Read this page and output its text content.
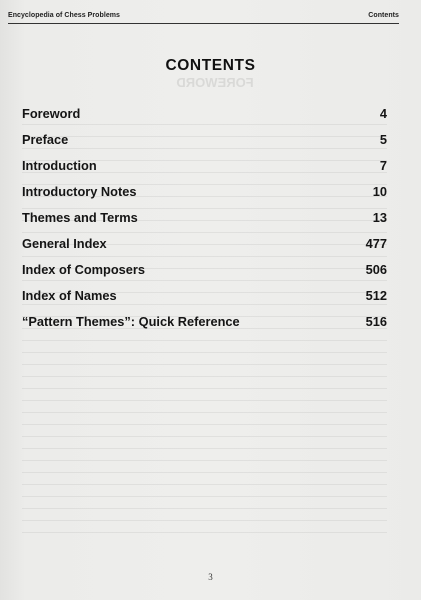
Encyclopedia of Chess Problems	Contents
CONTENTS
FOREWORD
Foreword	4
Preface	5
Introduction	7
Introductory Notes	10
Themes and Terms	13
General Index	477
Index of Composers	506
Index of Names	512
“Pattern Themes”: Quick Reference	516
3
